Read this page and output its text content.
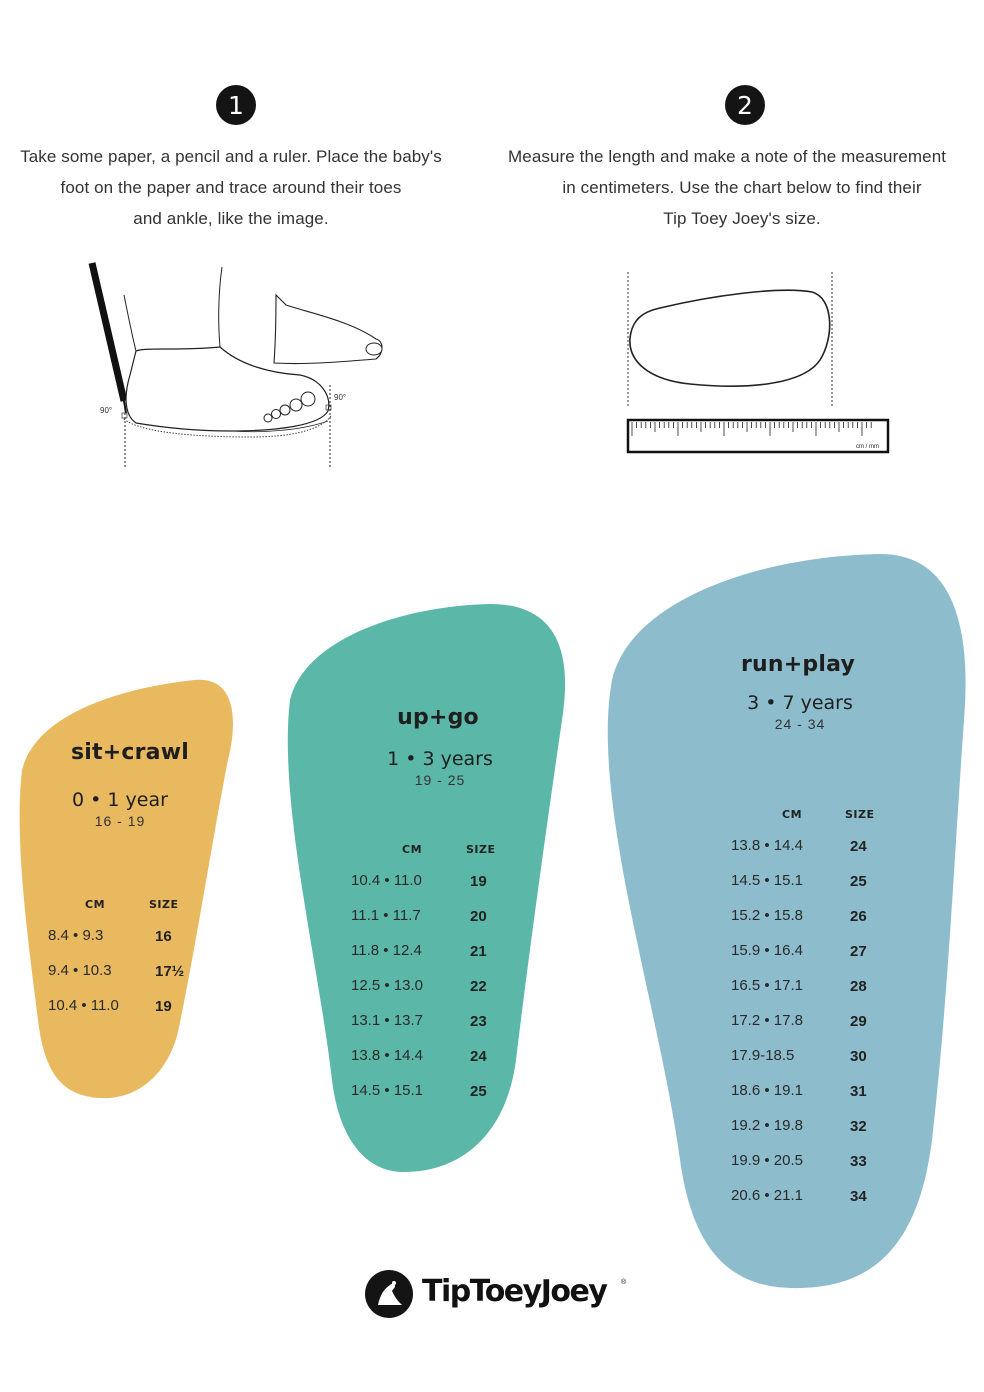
1
Take some paper, a pencil and a ruler. Place the baby's
foot on the paper and trace around their toes
and ankle, like the image.
2
Measure the length and make a note of the measurement
in centimeters. Use the chart below to find their
Tip Toey Joey's size.
90°
90°
cm / mm
sit+crawl
0 • 1 year
16 - 19
CM	SIZE
8.4 • 9.3	16
9.4 • 10.3	17½
10.4 • 11.0 19
up+go
1 • 3 years
19 - 25
CM	SIZE
10.4 • 11.0	19
11.1 • 11.7	20
11.8 • 12.4	21
12.5 • 13.0	22
13.1 • 13.7	23
13.8 • 14.4	24
14.5 • 15.1	25
run+play
3 • 7 years
24 - 34
CM	SIZE
13.8 • 14.4	24
14.5 • 15.1	25
15.2 • 15.8	26
15.9 • 16.4	27
16.5 • 17.1	28
17.2 • 17.8	29
17.9-18.5	30
18.6 • 19.1	31
19.2 • 19.8	32
19.9 • 20.5	33
20.6 • 21.1	34
TipToeyJoey ®
